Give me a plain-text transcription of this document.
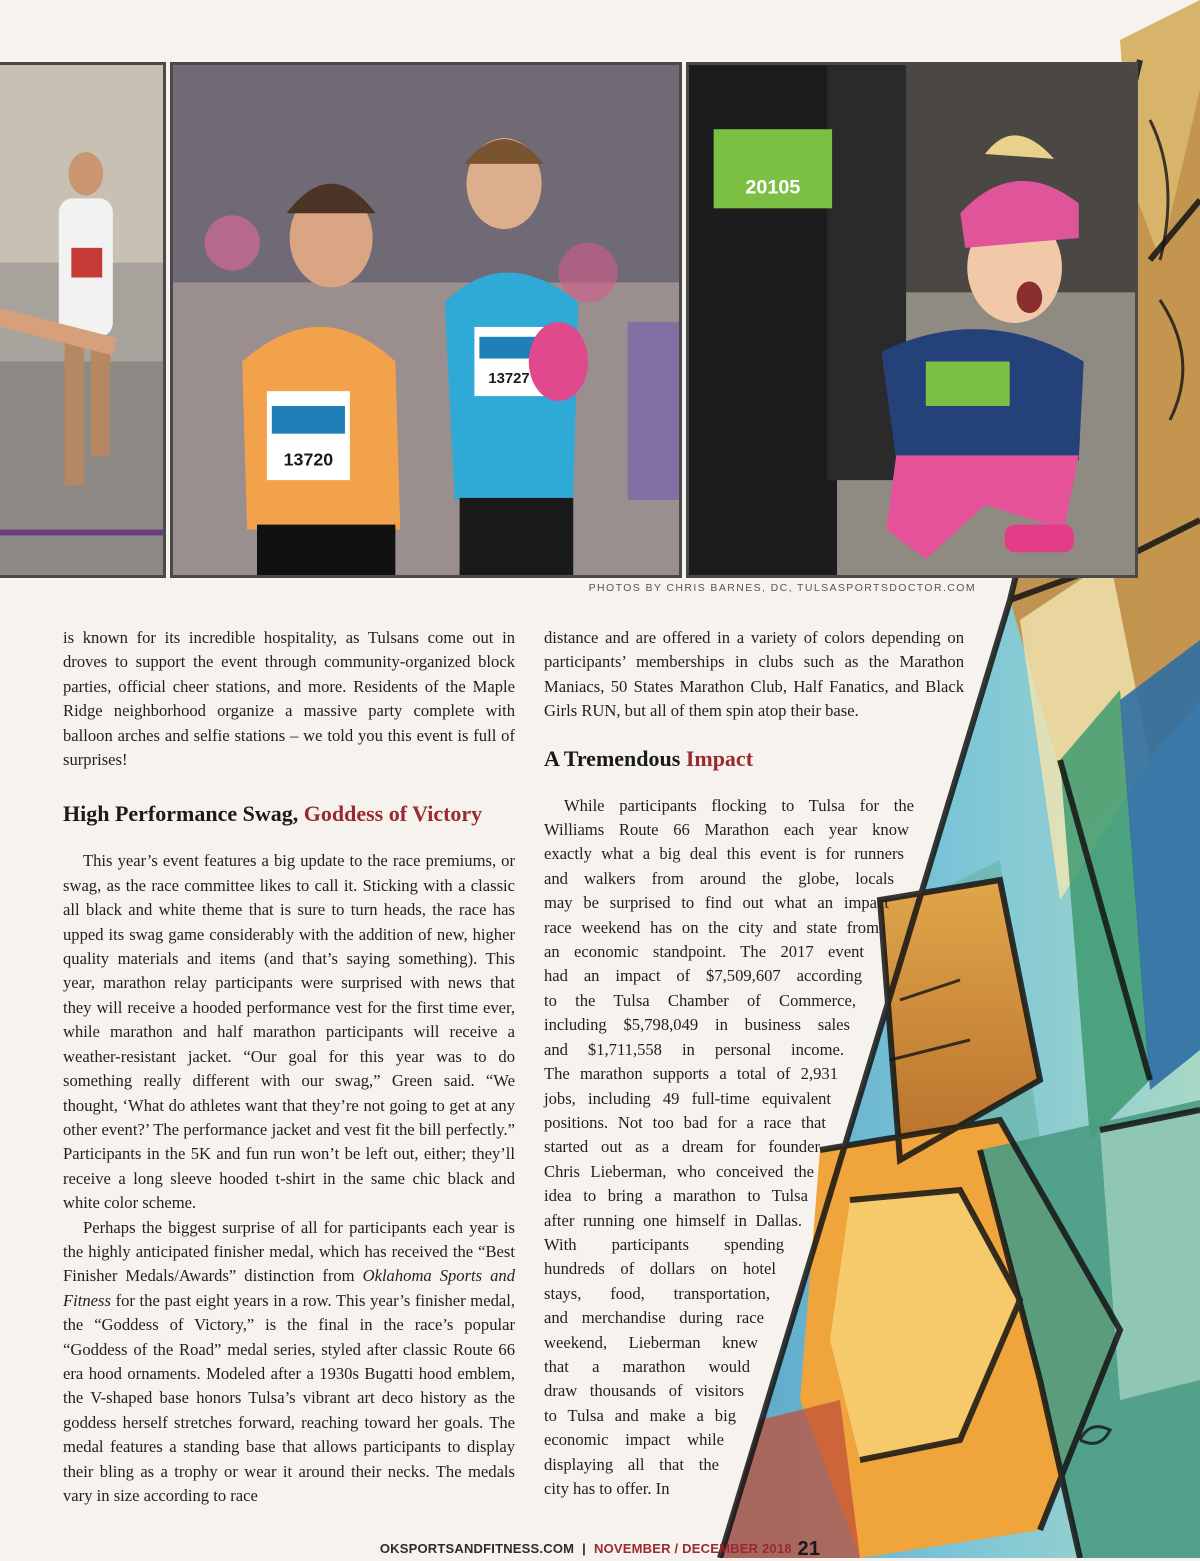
13720
13727
20105
PHOTOS BY CHRIS BARNES, DC, TULSASPORTSDOCTOR.COM

is known for its incredible hospitality, as Tulsans come out in droves to support the event through community-organized block parties, official cheer stations, and more. Residents of the Maple Ridge neighborhood organize a massive party complete with balloon arches and selfie stations – we told you this event is full of surprises!

High Performance Swag, Goddess of Victory

This year’s event features a big update to the race premiums, or swag, as the race committee likes to call it. Sticking with a classic all black and white theme that is sure to turn heads, the race has upped its swag game considerably with the addition of new, higher quality materials and items (and that’s saying something). This year, marathon relay participants were surprised with news that they will receive a hooded performance vest for the first time ever, while marathon and half marathon participants will receive a weather-resistant jacket. “Our goal for this year was to do something really different with our swag,” Green said. “We thought, ‘What do athletes want that they’re not going to get at any other event?’ The performance jacket and vest fit the bill perfectly.” Participants in the 5K and fun run won’t be left out, either; they’ll receive a long sleeve hooded t-shirt in the same chic black and white color scheme.

Perhaps the biggest surprise of all for participants each year is the highly anticipated finisher medal, which has received the “Best Finisher Medals/Awards” distinction from Oklahoma Sports and Fitness for the past eight years in a row. This year’s finisher medal, the “Goddess of Victory,” is the final in the race’s popular “Goddess of the Road” medal series, styled after classic Route 66 era hood ornaments. Modeled after a 1930s Bugatti hood emblem, the V-shaped base honors Tulsa’s vibrant art deco history as the goddess herself stretches forward, reaching toward her goals. The medal features a standing base that allows participants to display their bling as a trophy or wear it around their necks. The medals vary in size according to race

distance and are offered in a variety of colors depending on participants’ memberships in clubs such as the Marathon Maniacs, 50 States Marathon Club, Half Fanatics, and Black Girls RUN, but all of them spin atop their base.

A Tremendous Impact
While participants flocking to Tulsa for the
Williams Route 66 Marathon each year know
exactly what a big deal this event is for runners
and walkers from around the globe, locals
may be surprised to find out what an impact
race weekend has on the city and state from
an economic standpoint. The 2017 event
had an impact of $7,509,607 according
to the Tulsa Chamber of Commerce,
including $5,798,049 in business sales
and $1,711,558 in personal income.
The marathon supports a total of 2,931
jobs, including 49 full-time equivalent
positions. Not too bad for a race that
started out as a dream for founder
Chris Lieberman, who conceived the
idea to bring a marathon to Tulsa
after running one himself in Dallas.
With participants spending
hundreds of dollars on hotel
stays, food, transportation,
and merchandise during race
weekend, Lieberman knew
that a marathon would
draw thousands of visitors
to Tulsa and make a big
economic impact while
displaying all that the
city has to offer. In
OKSPORTSANDFITNESS.COM | NOVEMBER / DECEMBER 2018 21
